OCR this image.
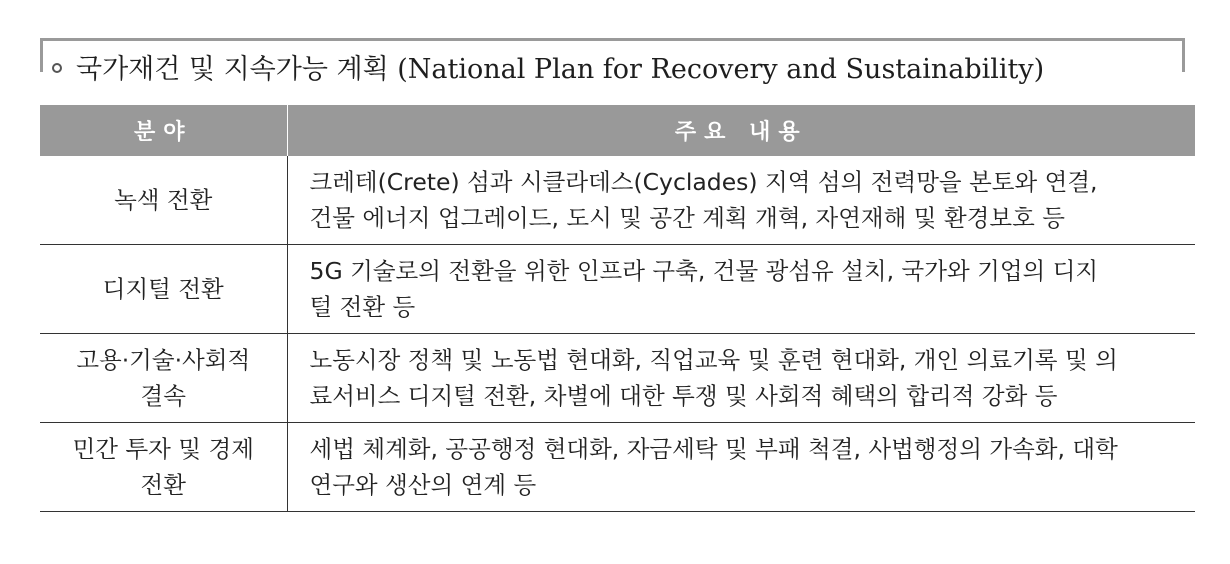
국가재건 및 지속가능 계획 (National Plan for Recovery and Sustainability)
분야	주요 내용

녹색 전환	크레테(Crete) 섬과 시클라데스(Cyclades) 지역 섬의 전력망을 본토와 연결,
건물 에너지 업그레이드, 도시 및 공간 계획 개혁, 자연재해 및 환경보호 등

디지털 전환	5G 기술로의 전환을 위한 인프라 구축, 건물 광섬유 설치, 국가와 기업의 디지
털 전환 등

고용·기술·사회적
결속	노동시장 정책 및 노동법 현대화, 직업교육 및 훈련 현대화, 개인 의료기록 및 의
료서비스 디지털 전환, 차별에 대한 투쟁 및 사회적 혜택의 합리적 강화 등

민간 투자 및 경제
전환	세법 체계화, 공공행정 현대화, 자금세탁 및 부패 척결, 사법행정의 가속화, 대학
연구와 생산의 연계 등
